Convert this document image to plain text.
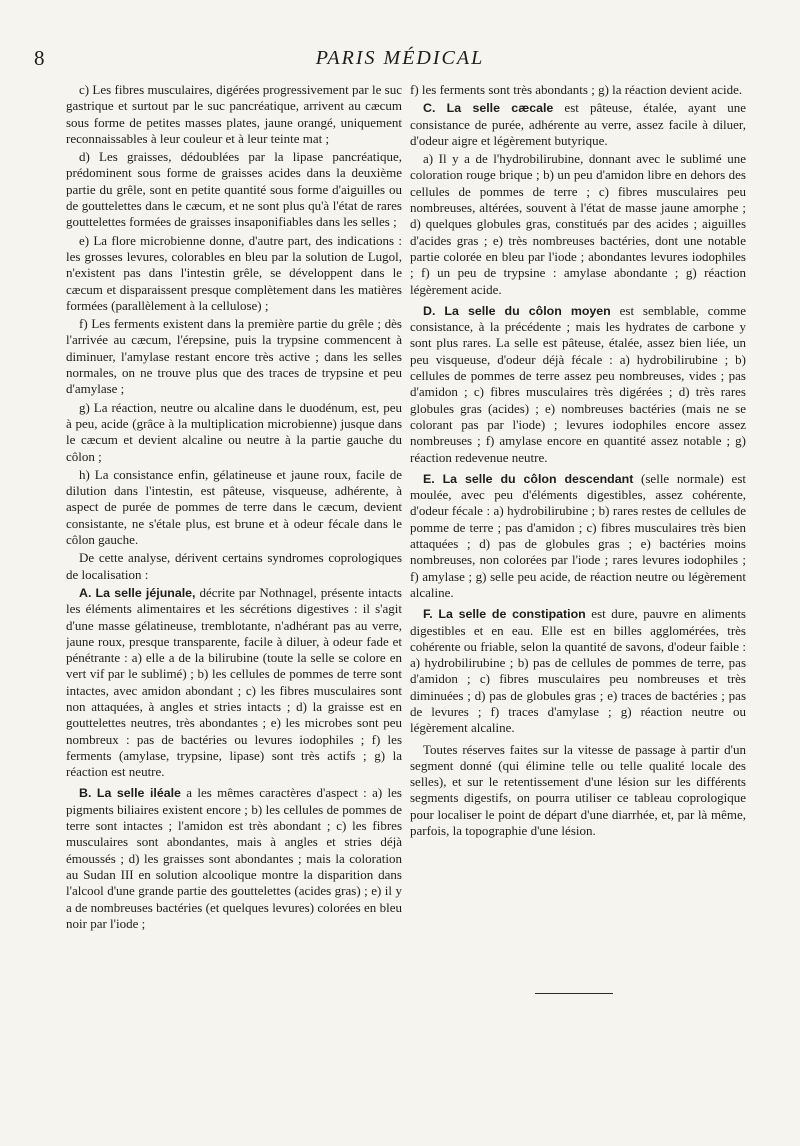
8	PARIS MÉDICAL

c) Les fibres musculaires, digérées progressivement par le suc gastrique et surtout par le suc pancréatique, arrivent au cæcum sous forme de petites masses plates, jaune orangé, uniquement reconnaissables à leur couleur et à leur teinte mat ;

d) Les graisses, dédoublées par la lipase pancréatique, prédominent sous forme de graisses acides dans la deuxième partie du grêle, sont en petite quantité sous forme d'aiguilles ou de gouttelettes dans le cæcum, et ne sont plus qu'à l'état de rares gouttelettes formées de graisses insaponifiables dans les selles ;

e) La flore microbienne donne, d'autre part, des indications : les grosses levures, colorables en bleu par la solution de Lugol, n'existent pas dans l'intestin grêle, se développent dans le cæcum et disparaissent presque complètement dans les matières formées (parallèlement à la cellulose) ;

f) Les ferments existent dans la première partie du grêle ; dès l'arrivée au cæcum, l'érepsine, puis la trypsine commencent à diminuer, l'amylase restant encore très active ; dans les selles normales, on ne trouve plus que des traces de trypsine et peu d'amylase ;

g) La réaction, neutre ou alcaline dans le duodénum, est, peu à peu, acide (grâce à la multiplication microbienne) jusque dans le cæcum et devient alcaline ou neutre à la partie gauche du côlon ;

h) La consistance enfin, gélatineuse et jaune roux, facile de dilution dans l'intestin, est pâteuse, visqueuse, adhérente, à aspect de purée de pommes de terre dans le cæcum, devient consistante, ne s'étale plus, est brune et à odeur fécale dans le côlon gauche.

De cette analyse, dérivent certains syndromes coprologiques de localisation :

A. La selle jéjunale, décrite par Nothnagel, présente intacts les éléments alimentaires et les sécrétions digestives : il s'agit d'une masse gélatineuse, tremblotante, n'adhérant pas au verre, jaune roux, presque transparente, facile à diluer, à odeur fade et pénétrante : a) elle a de la bilirubine (toute la selle se colore en vert vif par le sublimé) ; b) les cellules de pommes de terre sont intactes, avec amidon abondant ; c) les fibres musculaires sont non attaquées, à angles et stries intacts ; d) la graisse est en gouttelettes neutres, très abondantes ; e) les microbes sont peu nombreux : pas de bactéries ou levures iodophiles ; f) les ferments (amylase, trypsine, lipase) sont très actifs ; g) la réaction est neutre.

B. La selle iléale a les mêmes caractères d'aspect : a) les pigments biliaires existent encore ; b) les cellules de pommes de terre sont intactes ; l'amidon est très abondant ; c) les fibres musculaires sont abondantes, mais à angles et stries déjà émoussés ; d) les graisses sont abondantes ; mais la coloration au Sudan III en solution alcoolique montre la disparition dans l'alcool d'une grande partie des gouttelettes (acides gras) ; e) il y a de nombreuses bactéries (et quelques levures) colorées en bleu noir par l'iode ;

f) les ferments sont très abondants ; g) la réaction devient acide.

C. La selle cæcale est pâteuse, étalée, ayant une consistance de purée, adhérente au verre, assez facile à diluer, d'odeur aigre et légèrement butyrique.

a) Il y a de l'hydrobilirubine, donnant avec le sublimé une coloration rouge brique ; b) un peu d'amidon libre en dehors des cellules de pommes de terre ; c) fibres musculaires peu nombreuses, altérées, souvent à l'état de masse jaune amorphe ; d) quelques globules gras, constitués par des acides ; aiguilles d'acides gras ; e) très nombreuses bactéries, dont une notable partie colorée en bleu par l'iode ; abondantes levures iodophiles ; f) un peu de trypsine : amylase abondante ; g) réaction légèrement acide.

D. La selle du côlon moyen est semblable, comme consistance, à la précédente ; mais les hydrates de carbone y sont plus rares. La selle est pâteuse, étalée, assez bien liée, un peu visqueuse, d'odeur déjà fécale : a) hydrobilirubine ; b) cellules de pommes de terre assez peu nombreuses, vides ; pas d'amidon ; c) fibres musculaires très digérées ; d) très rares globules gras (acides) ; e) nombreuses bactéries (mais ne se colorant pas par l'iode) ; levures iodophiles encore assez nombreuses ; f) amylase encore en quantité assez notable ; g) réaction redevenue neutre.

E. La selle du côlon descendant (selle normale) est moulée, avec peu d'éléments digestibles, assez cohérente, d'odeur fécale : a) hydrobilirubine ; b) rares restes de cellules de pomme de terre ; pas d'amidon ; c) fibres musculaires très bien attaquées ; d) pas de globules gras ; e) bactéries moins nombreuses, non colorées par l'iode ; rares levures iodophiles ; f) amylase ; g) selle peu acide, de réaction neutre ou légèrement alcaline.

F. La selle de constipation est dure, pauvre en aliments digestibles et en eau. Elle est en billes agglomérées, très cohérente ou friable, selon la quantité de savons, d'odeur faible : a) hydrobilirubine ; b) pas de cellules de pommes de terre, pas d'amidon ; c) fibres musculaires peu nombreuses et très diminuées ; d) pas de globules gras ; e) traces de bactéries ; pas de levures ; f) traces d'amylase ; g) réaction neutre ou légèrement alcaline.

Toutes réserves faites sur la vitesse de passage à partir d'un segment donné (qui élimine telle ou telle qualité locale des selles), et sur le retentissement d'une lésion sur les différents segments digestifs, on pourra utiliser ce tableau coprologique pour localiser le point de départ d'une diarrhée, et, par là même, parfois, la topographie d'une lésion.
